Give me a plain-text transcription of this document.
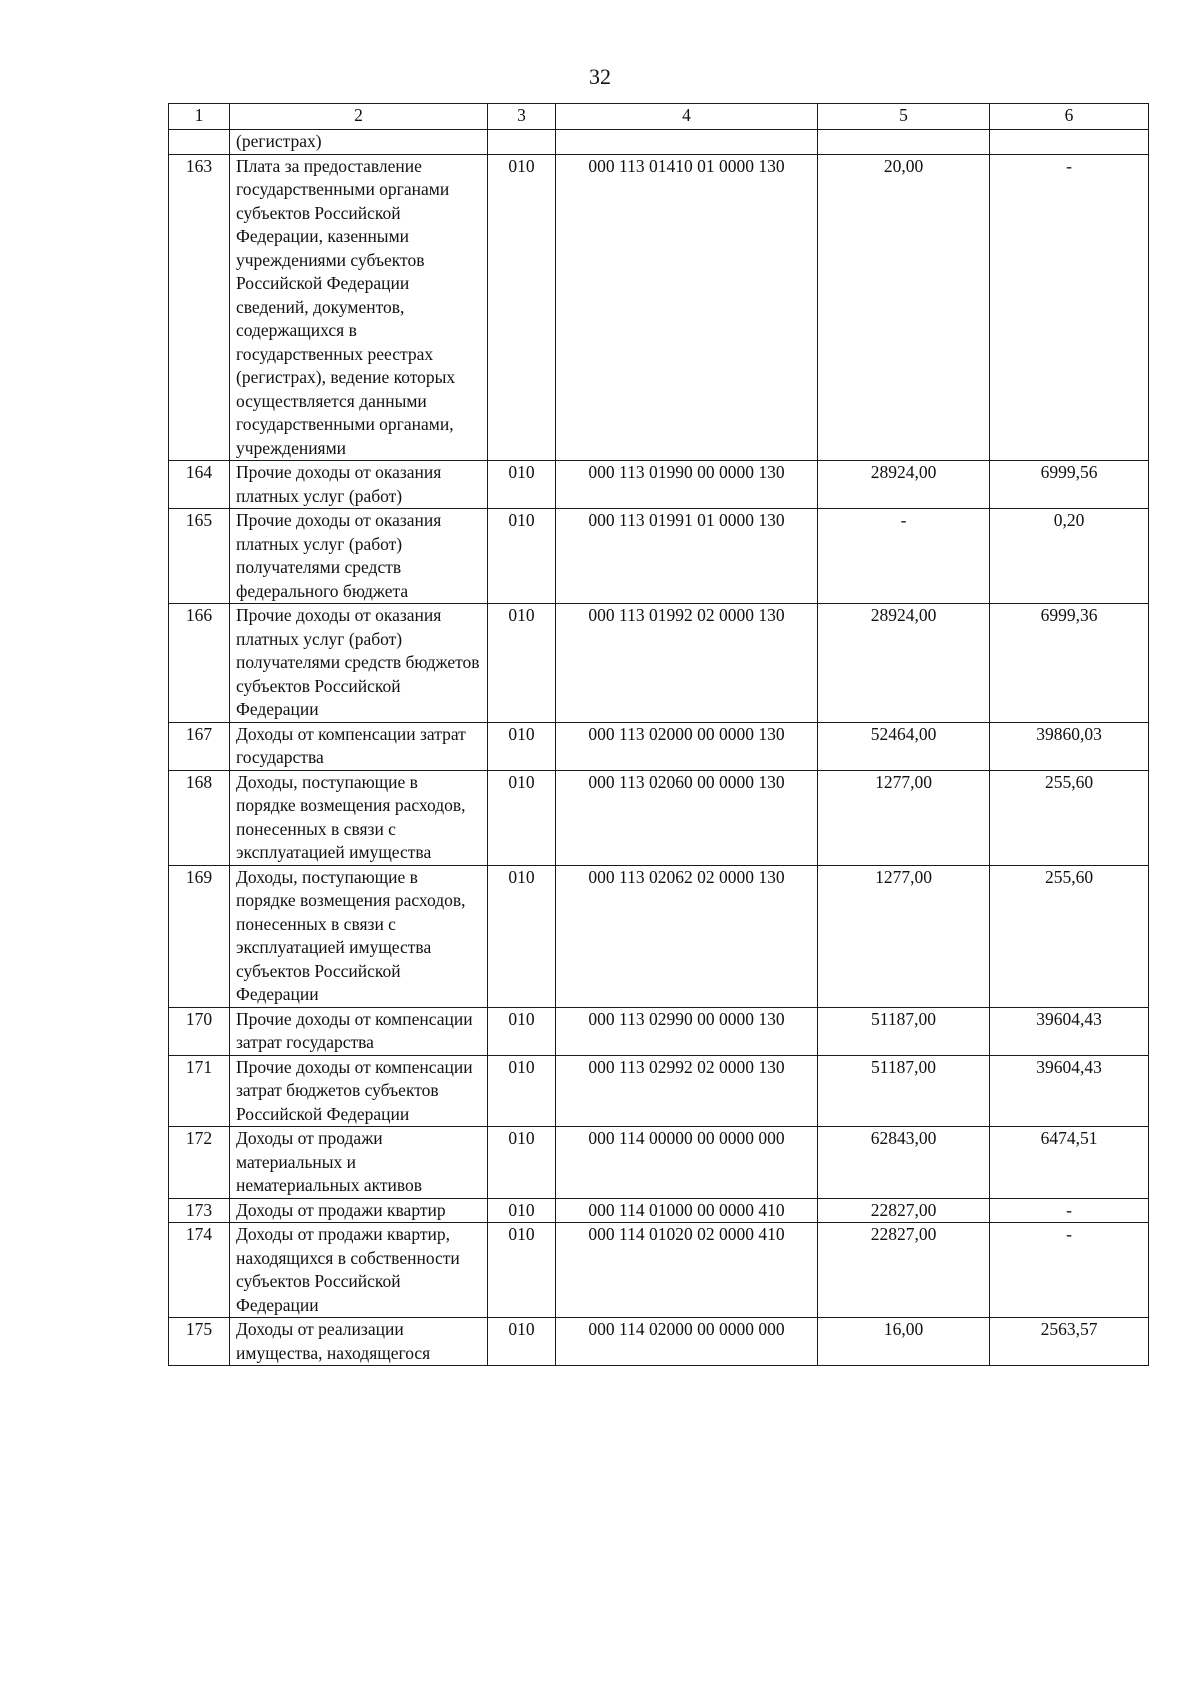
32
1	2	3	4	5	6
	(регистрах)				
163	Плата за предоставление государственными органами субъектов Российской Федерации, казенными учреждениями субъектов Российской Федерации сведений, документов, содержащихся в государственных реестрах (регистрах), ведение которых осуществляется данными государственными органами, учреждениями	010	000 113 01410 01 0000 130	20,00	-
164	Прочие доходы от оказания платных услуг (работ)	010	000 113 01990 00 0000 130	28924,00	6999,56
165	Прочие доходы от оказания платных услуг (работ) получателями средств федерального бюджета	010	000 113 01991 01 0000 130	-	0,20
166	Прочие доходы от оказания платных услуг (работ) получателями средств бюджетов субъектов Российской Федерации	010	000 113 01992 02 0000 130	28924,00	6999,36
167	Доходы от компенсации затрат государства	010	000 113 02000 00 0000 130	52464,00	39860,03
168	Доходы, поступающие в порядке возмещения расходов, понесенных в связи с эксплуатацией имущества	010	000 113 02060 00 0000 130	1277,00	255,60
169	Доходы, поступающие в порядке возмещения расходов, понесенных в связи с эксплуатацией имущества субъектов Российской Федерации	010	000 113 02062 02 0000 130	1277,00	255,60
170	Прочие доходы от компенсации затрат государства	010	000 113 02990 00 0000 130	51187,00	39604,43
171	Прочие доходы от компенсации затрат бюджетов субъектов Российской Федерации	010	000 113 02992 02 0000 130	51187,00	39604,43
172	Доходы от продажи материальных и нематериальных активов	010	000 114 00000 00 0000 000	62843,00	6474,51
173	Доходы от продажи квартир	010	000 114 01000 00 0000 410	22827,00	-
174	Доходы от продажи квартир, находящихся в собственности субъектов Российской Федерации	010	000 114 01020 02 0000 410	22827,00	-
175	Доходы от реализации имущества, находящегося	010	000 114 02000 00 0000 000	16,00	2563,57
